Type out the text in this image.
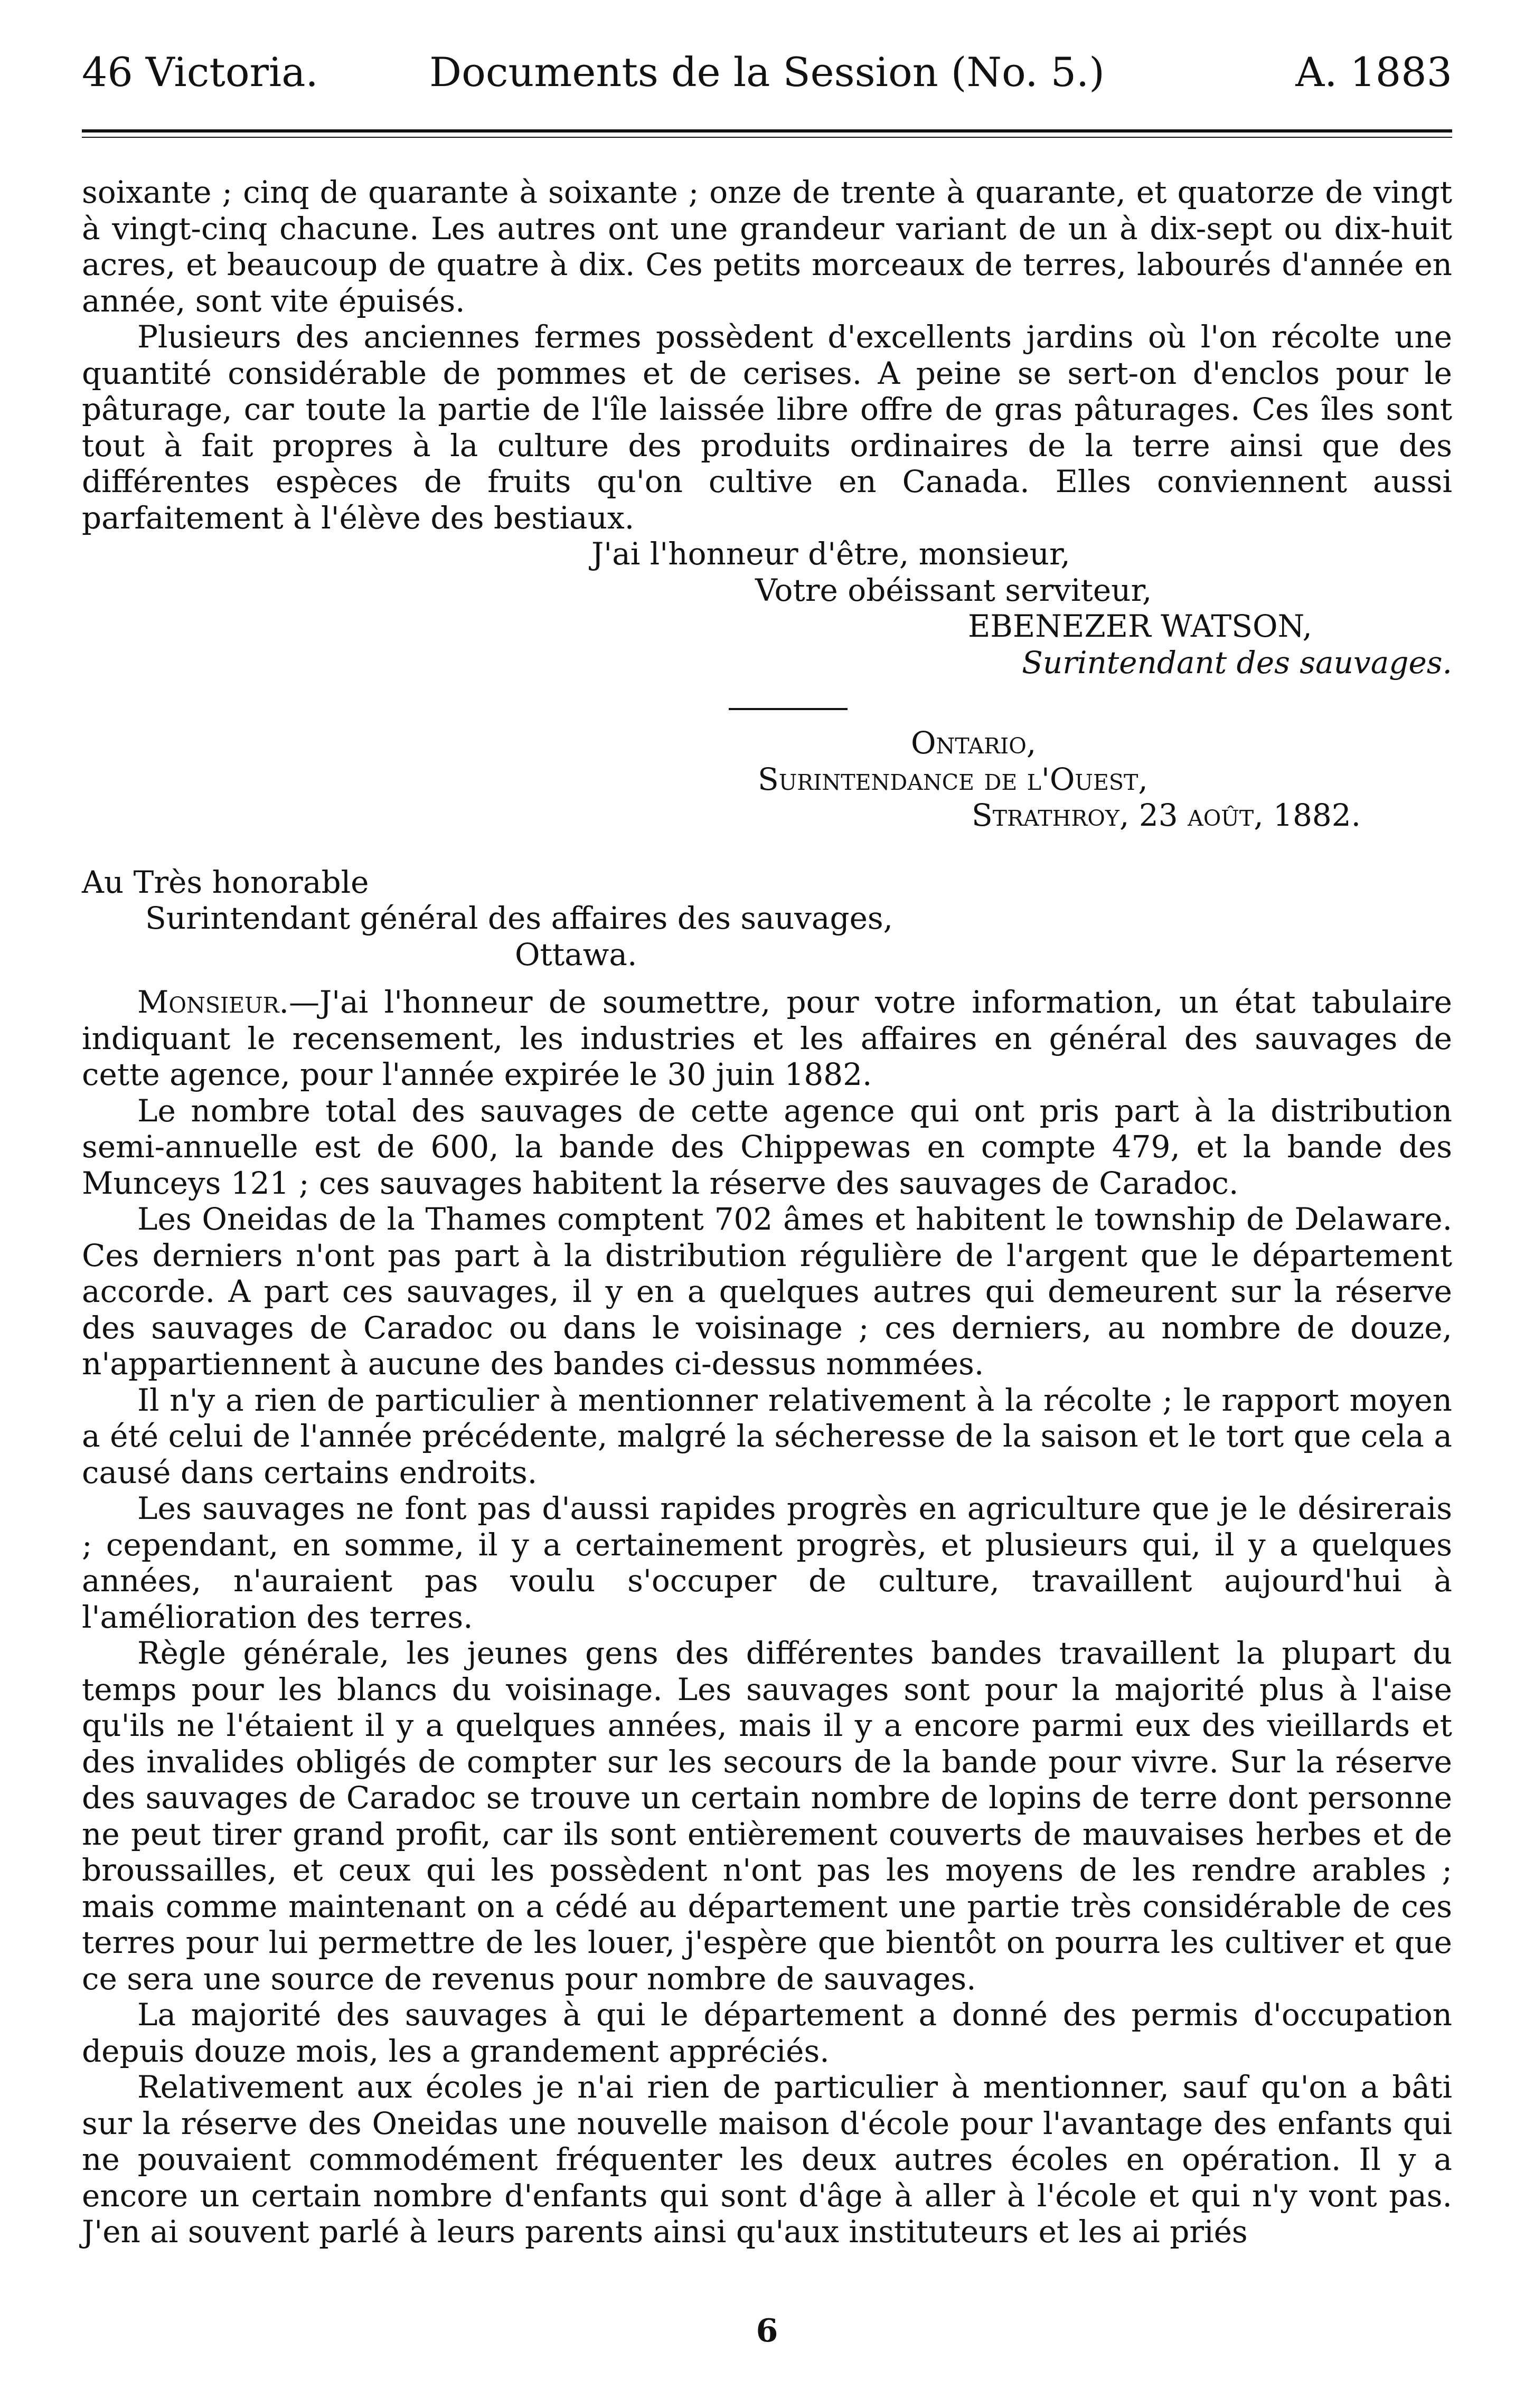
46 Victoria.	Documents de la Session (No. 5.)	A. 1883

soixante ; cinq de quarante à soixante ; onze de trente à quarante, et quatorze de vingt à vingt-cinq chacune. Les autres ont une grandeur variant de un à dix-sept ou dix-huit acres, et beaucoup de quatre à dix. Ces petits morceaux de terres, labourés d'année en année, sont vite épuisés.

Plusieurs des anciennes fermes possèdent d'excellents jardins où l'on récolte une quantité considérable de pommes et de cerises. A peine se sert-on d'enclos pour le pâturage, car toute la partie de l'île laissée libre offre de gras pâturages. Ces îles sont tout à fait propres à la culture des produits ordinaires de la terre ainsi que des différentes espèces de fruits qu'on cultive en Canada. Elles conviennent aussi parfaitement à l'élève des bestiaux.

J'ai l'honneur d'être, monsieur,

Votre obéissant serviteur,

EBENEZER WATSON,

Surintendant des sauvages.

Ontario,

Surintendance de l'Ouest,

Strathroy, 23 août, 1882.

Au Très honorable

Surintendant général des affaires des sauvages,

Ottawa.

Monsieur.—J'ai l'honneur de soumettre, pour votre information, un état tabulaire indiquant le recensement, les industries et les affaires en général des sauvages de cette agence, pour l'année expirée le 30 juin 1882.

Le nombre total des sauvages de cette agence qui ont pris part à la distribution semi-annuelle est de 600, la bande des Chippewas en compte 479, et la bande des Munceys 121 ; ces sauvages habitent la réserve des sauvages de Caradoc.

Les Oneidas de la Thames comptent 702 âmes et habitent le township de Delaware. Ces derniers n'ont pas part à la distribution régulière de l'argent que le département accorde. A part ces sauvages, il y en a quelques autres qui demeurent sur la réserve des sauvages de Caradoc ou dans le voisinage ; ces derniers, au nombre de douze, n'appartiennent à aucune des bandes ci-dessus nommées.

Il n'y a rien de particulier à mentionner relativement à la récolte ; le rapport moyen a été celui de l'année précédente, malgré la sécheresse de la saison et le tort que cela a causé dans certains endroits.

Les sauvages ne font pas d'aussi rapides progrès en agriculture que je le désirerais ; cependant, en somme, il y a certainement progrès, et plusieurs qui, il y a quelques années, n'auraient pas voulu s'occuper de culture, travaillent aujourd'hui à l'amélioration des terres.

Règle générale, les jeunes gens des différentes bandes travaillent la plupart du temps pour les blancs du voisinage. Les sauvages sont pour la majorité plus à l'aise qu'ils ne l'étaient il y a quelques années, mais il y a encore parmi eux des vieillards et des invalides obligés de compter sur les secours de la bande pour vivre. Sur la réserve des sauvages de Caradoc se trouve un certain nombre de lopins de terre dont personne ne peut tirer grand profit, car ils sont entièrement couverts de mauvaises herbes et de broussailles, et ceux qui les possèdent n'ont pas les moyens de les rendre arables ; mais comme maintenant on a cédé au département une partie très considérable de ces terres pour lui permettre de les louer, j'espère que bientôt on pourra les cultiver et que ce sera une source de revenus pour nombre de sauvages.

La majorité des sauvages à qui le département a donné des permis d'occupation depuis douze mois, les a grandement appréciés.

Relativement aux écoles je n'ai rien de particulier à mentionner, sauf qu'on a bâti sur la réserve des Oneidas une nouvelle maison d'école pour l'avantage des enfants qui ne pouvaient commodément fréquenter les deux autres écoles en opération. Il y a encore un certain nombre d'enfants qui sont d'âge à aller à l'école et qui n'y vont pas. J'en ai souvent parlé à leurs parents ainsi qu'aux instituteurs et les ai priés

6
